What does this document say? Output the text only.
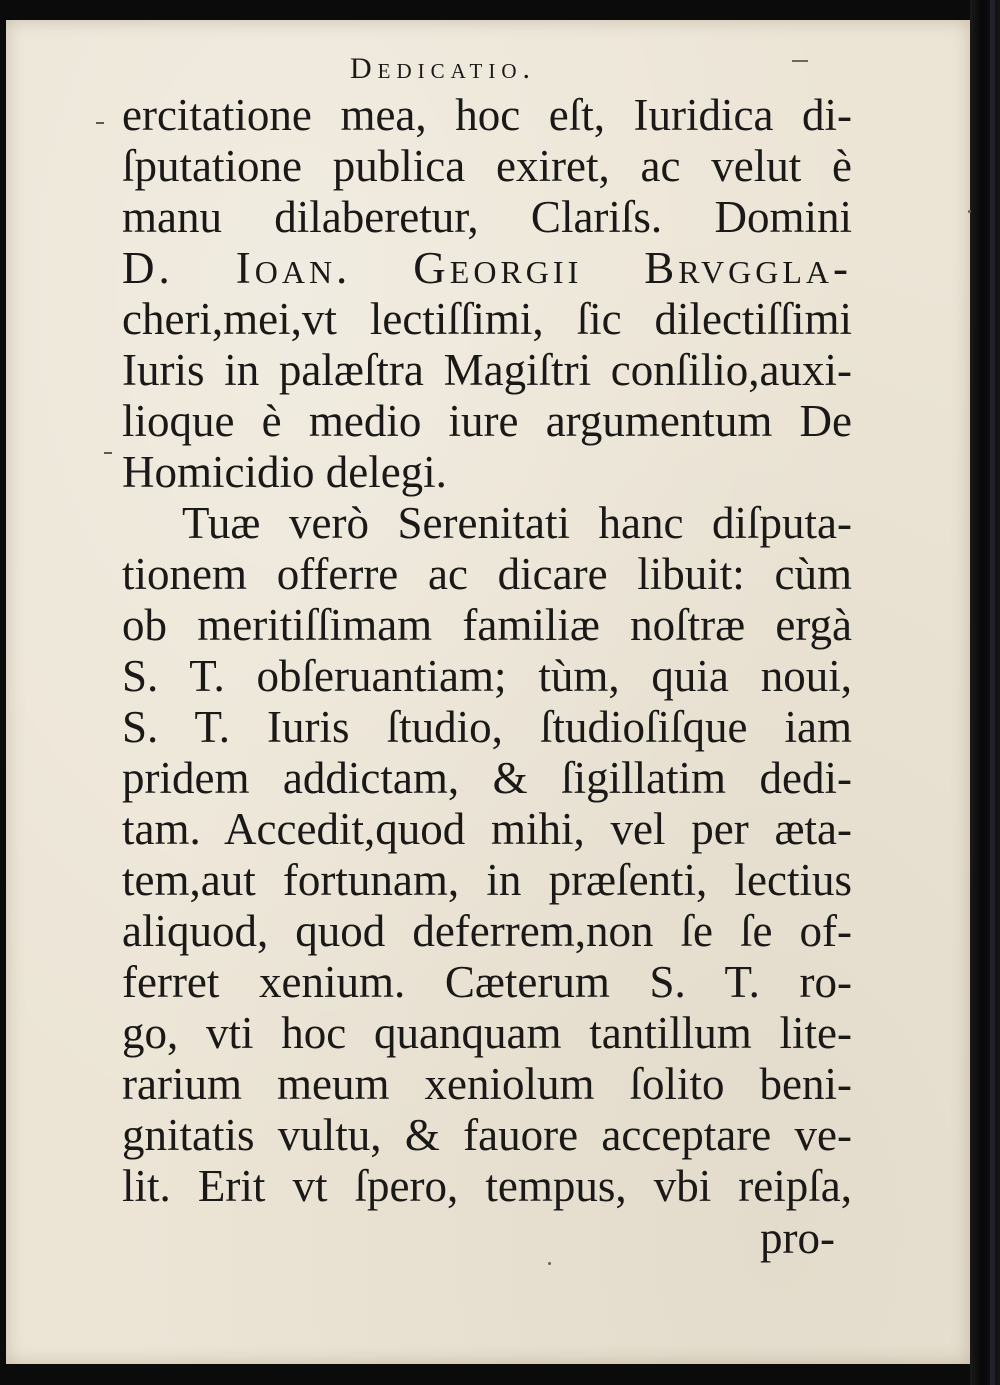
Dedicatio.
ercitatione mea, hoc eſt, Iuridica di-
ſputatione publica exiret, ac velut è
manu dilaberetur, Clariſs. Domini
D. Ioan. Georgii Brvggla-
cheri,mei,vt lectiſſimi, ſic dilectiſſimi
Iuris in palæſtra Magiſtri conſilio,auxi-
lioque è medio iure argumentum De
Homicidio delegi.
Tuæ verò Serenitati hanc diſputa-
tionem offerre ac dicare libuit: cùm
ob meritiſſimam familiæ noſtræ ergà
S. T. obſeruantiam; tùm, quia noui,
S. T. Iuris ſtudio, ſtudioſiſque iam
pridem addictam, & ſigillatim dedi-
tam. Accedit,quod mihi, vel per æta-
tem,aut fortunam, in præſenti, lectius
aliquod, quod deferrem,non ſe ſe of-
ferret xenium. Cæterum S. T. ro-
go, vti hoc quanquam tantillum lite-
rarium meum xeniolum ſolito beni-
gnitatis vultu, & fauore acceptare ve-
lit. Erit vt ſpero, tempus, vbi reipſa,
pro-
